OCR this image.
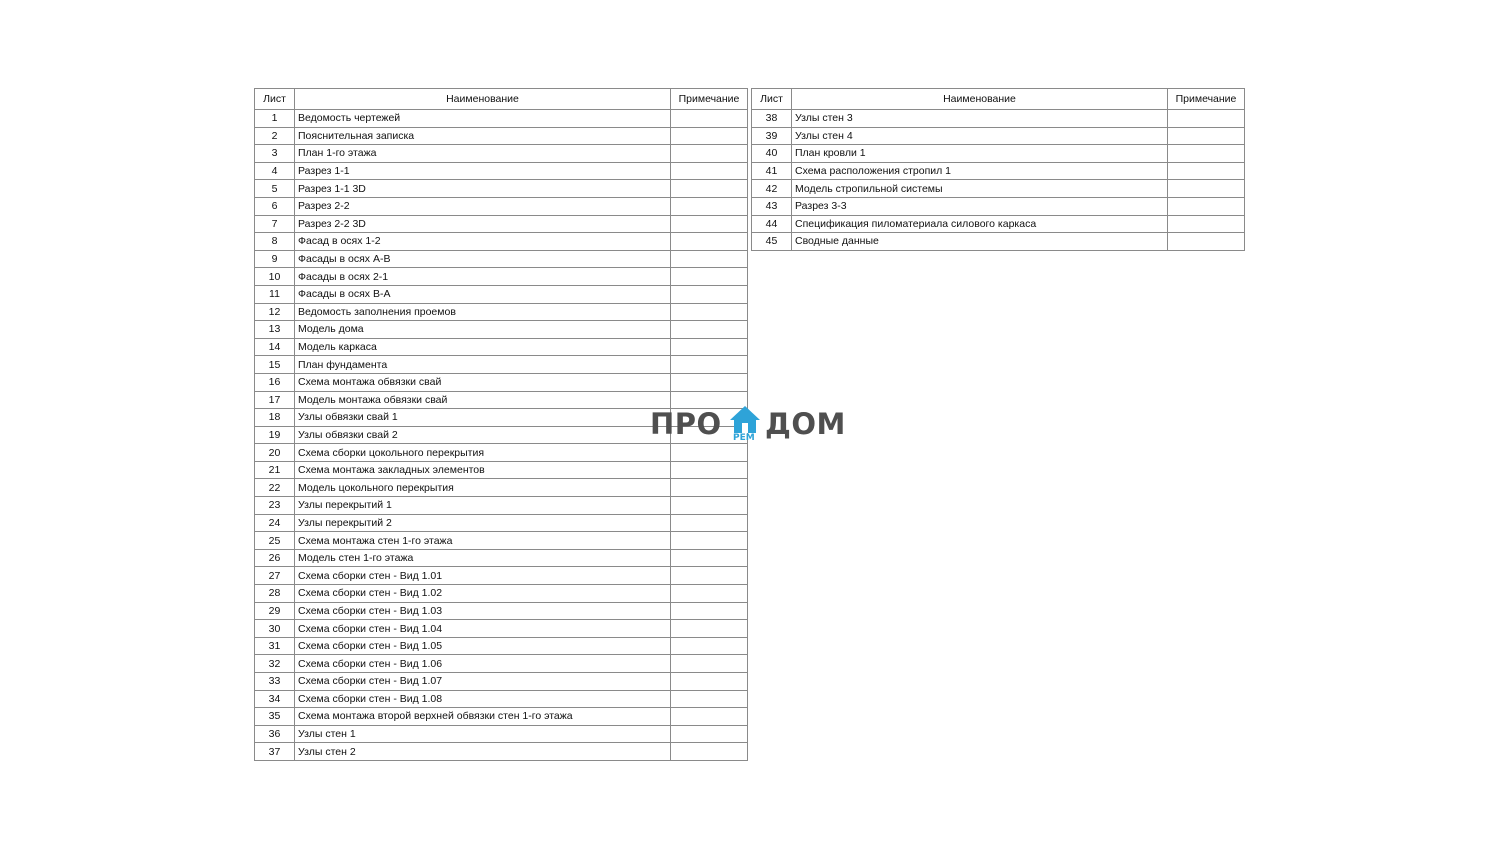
Лист	Наименование	Примечание
1	Ведомость чертежей	
2	Пояснительная записка	
3	План 1-го этажа	
4	Разрез 1-1	
5	Разрез 1-1 3D	
6	Разрез 2-2	
7	Разрез 2-2 3D	
8	Фасад в осях 1-2	
9	Фасады в осях А-В	
10	Фасады в осях 2-1	
11	Фасады в осях В-А	
12	Ведомость заполнения проемов	
13	Модель дома	
14	Модель каркаса	
15	План фундамента	
16	Схема монтажа обвязки свай	
17	Модель монтажа обвязки свай	
18	Узлы обвязки свай 1	
19	Узлы обвязки свай 2	
20	Схема сборки цокольного перекрытия	
21	Схема монтажа закладных элементов	
22	Модель цокольного перекрытия	
23	Узлы перекрытий 1	
24	Узлы перекрытий 2	
25	Схема монтажа стен 1-го этажа	
26	Модель стен 1-го этажа	
27	Схема сборки стен - Вид 1.01	
28	Схема сборки стен - Вид 1.02	
29	Схема сборки стен - Вид 1.03	
30	Схема сборки стен - Вид 1.04	
31	Схема сборки стен - Вид 1.05	
32	Схема сборки стен - Вид 1.06	
33	Схема сборки стен - Вид 1.07	
34	Схема сборки стен - Вид 1.08	
35	Схема монтажа второй верхней обвязки стен 1-го этажа	
36	Узлы стен 1	
37	Узлы стен 2	
Лист	Наименование	Примечание
38	Узлы стен 3	
39	Узлы стен 4	
40	План кровли 1	
41	Схема расположения стропил 1	
42	Модель стропильной системы	
43	Разрез 3-3	
44	Спецификация пиломатериала силового каркаса	
45	Сводные данные	
ПРО РЕМ ДОМ
